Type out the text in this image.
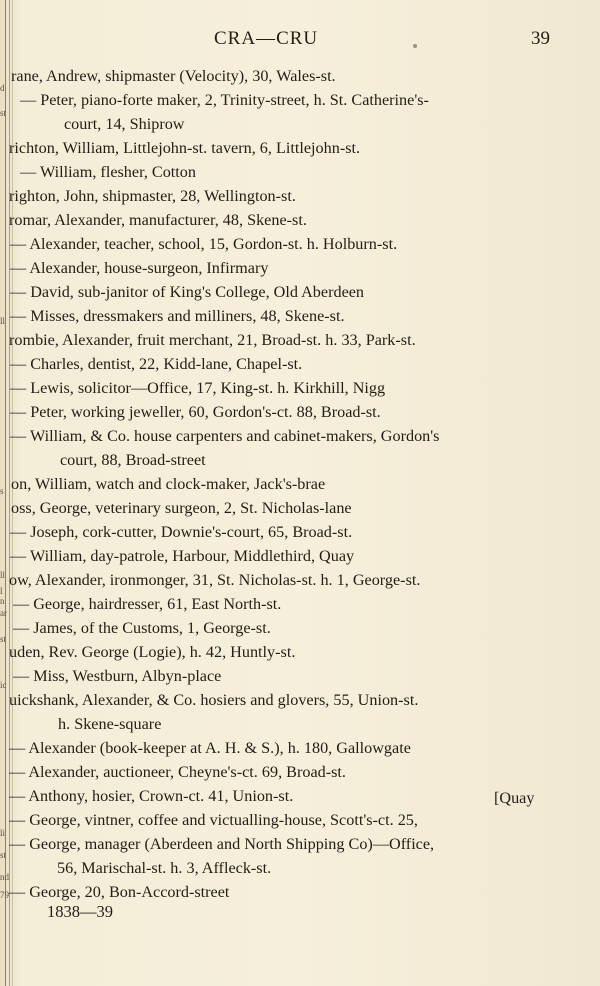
d
st
ll
s
ll
l
n
ar
st
ic
li
st
nd
79
CRA—CRU	39
rane, Andrew, shipmaster (Velocity), 30, Wales-st.
— Peter, piano-forte maker, 2, Trinity-street, h. St. Catherine's-
court, 14, Shiprow
richton, William, Littlejohn-st. tavern, 6, Littlejohn-st.
— William, flesher, Cotton
righton, John, shipmaster, 28, Wellington-st.
romar, Alexander, manufacturer, 48, Skene-st.
— Alexander, teacher, school, 15, Gordon-st. h. Holburn-st.
— Alexander, house-surgeon, Infirmary
— David, sub-janitor of King's College, Old Aberdeen
— Misses, dressmakers and milliners, 48, Skene-st.
rombie, Alexander, fruit merchant, 21, Broad-st. h. 33, Park-st.
— Charles, dentist, 22, Kidd-lane, Chapel-st.
— Lewis, solicitor—Office, 17, King-st. h. Kirkhill, Nigg
— Peter, working jeweller, 60, Gordon's-ct. 88, Broad-st.
— William, & Co. house carpenters and cabinet-makers, Gordon's
court, 88, Broad-street
on, William, watch and clock-maker, Jack's-brae
oss, George, veterinary surgeon, 2, St. Nicholas-lane
— Joseph, cork-cutter, Downie's-court, 65, Broad-st.
— William, day-patrole, Harbour, Middlethird, Quay
ow, Alexander, ironmonger, 31, St. Nicholas-st. h. 1, George-st.
— George, hairdresser, 61, East North-st.
— James, of the Customs, 1, George-st.
uden, Rev. George (Logie), h. 42, Huntly-st.
— Miss, Westburn, Albyn-place
uickshank, Alexander, & Co. hosiers and glovers, 55, Union-st.
h. Skene-square
— Alexander (book-keeper at A. H. & S.), h. 180, Gallowgate
— Alexander, auctioneer, Cheyne's-ct. 69, Broad-st.
— Anthony, hosier, Crown-ct. 41, Union-st.	[Quay
— George, vintner, coffee and victualling-house, Scott's-ct. 25,
— George, manager (Aberdeen and North Shipping Co)—Office,
56, Marischal-st. h. 3, Affleck-st.
— George, 20, Bon-Accord-street
1838—39
